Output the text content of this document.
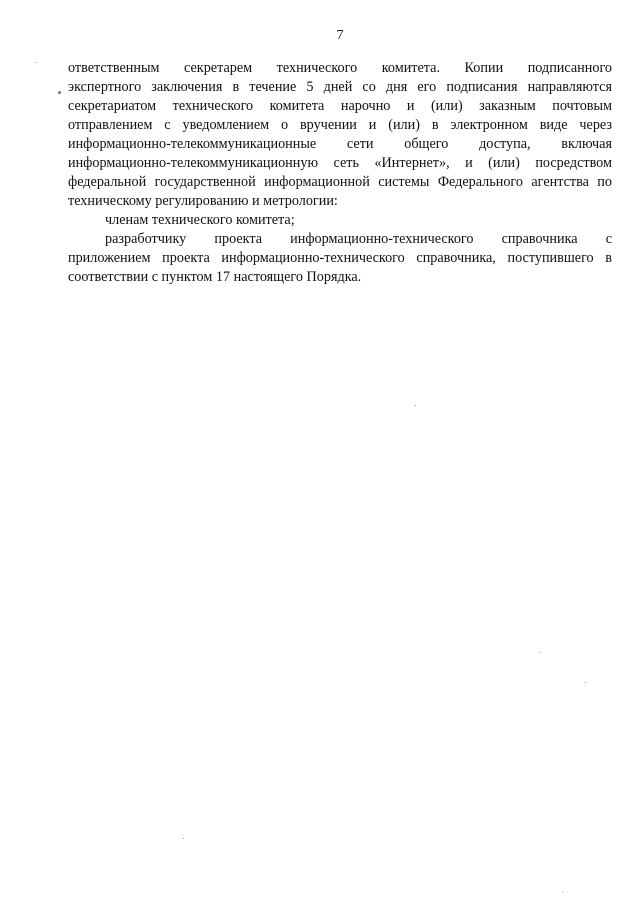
7
ответственным секретарем технического комитета. Копии подписанного
экспертного заключения в течение 5 дней со дня его подписания направляются
секретариатом технического комитета нарочно и (или) заказным почтовым
отправлением с уведомлением о вручении и (или) в электронном виде через
информационно-телекоммуникационные сети общего доступа, включая
информационно-телекоммуникационную сеть «Интернет», и (или) посредством
федеральной государственной информационной системы Федерального агентства по
техническому регулированию и метрологии:
членам технического комитета;
разработчику проекта информационно-технического справочника с
приложением проекта информационно-технического справочника, поступившего в
соответствии с пунктом 17 настоящего Порядка.
